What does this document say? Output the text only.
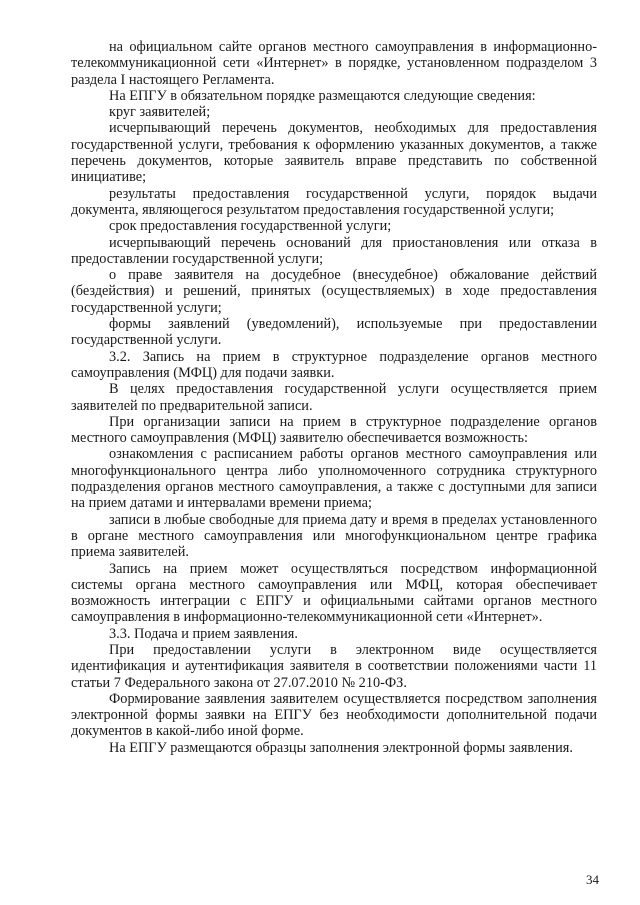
на официальном сайте органов местного самоуправления в информационно-телекоммуникационной сети «Интернет» в порядке, установленном подразделом 3 раздела I настоящего Регламента.

На ЕПГУ в обязательном порядке размещаются следующие сведения:

круг заявителей;

исчерпывающий перечень документов, необходимых для предоставления государственной услуги, требования к оформлению указанных документов, а также перечень документов, которые заявитель вправе представить по собственной инициативе;

результаты предоставления государственной услуги, порядок выдачи документа, являющегося результатом предоставления государственной услуги;

срок предоставления государственной услуги;

исчерпывающий перечень оснований для приостановления или отказа в предоставлении государственной услуги;

о праве заявителя на досудебное (внесудебное) обжалование действий (бездействия) и решений, принятых (осуществляемых) в ходе предоставления государственной услуги;

формы заявлений (уведомлений), используемые при предоставлении государственной услуги.

3.2. Запись на прием в структурное подразделение органов местного самоуправления (МФЦ) для подачи заявки.

В целях предоставления государственной услуги осуществляется прием заявителей по предварительной записи.

При организации записи на прием в структурное подразделение органов местного самоуправления (МФЦ) заявителю обеспечивается возможность:

ознакомления с расписанием работы органов местного самоуправления или многофункционального центра либо уполномоченного сотрудника структурного подразделения органов местного самоуправления, а также с доступными для записи на прием датами и интервалами времени приема;

записи в любые свободные для приема дату и время в пределах установленного в органе местного самоуправления или многофункциональном центре графика приема заявителей.

Запись на прием может осуществляться посредством информационной системы органа местного самоуправления или МФЦ, которая обеспечивает возможность интеграции с ЕПГУ и официальными сайтами органов местного самоуправления в информационно-телекоммуникационной сети «Интернет».

3.3. Подача и прием заявления.

При предоставлении услуги в электронном виде осуществляется идентификация и аутентификация заявителя в соответствии положениями части 11 статьи 7 Федерального закона от 27.07.2010 № 210-ФЗ.

Формирование заявления заявителем осуществляется посредством заполнения электронной формы заявки на ЕПГУ без необходимости дополнительной подачи документов в какой-либо иной форме.

На ЕПГУ размещаются образцы заполнения электронной формы заявления.

34
